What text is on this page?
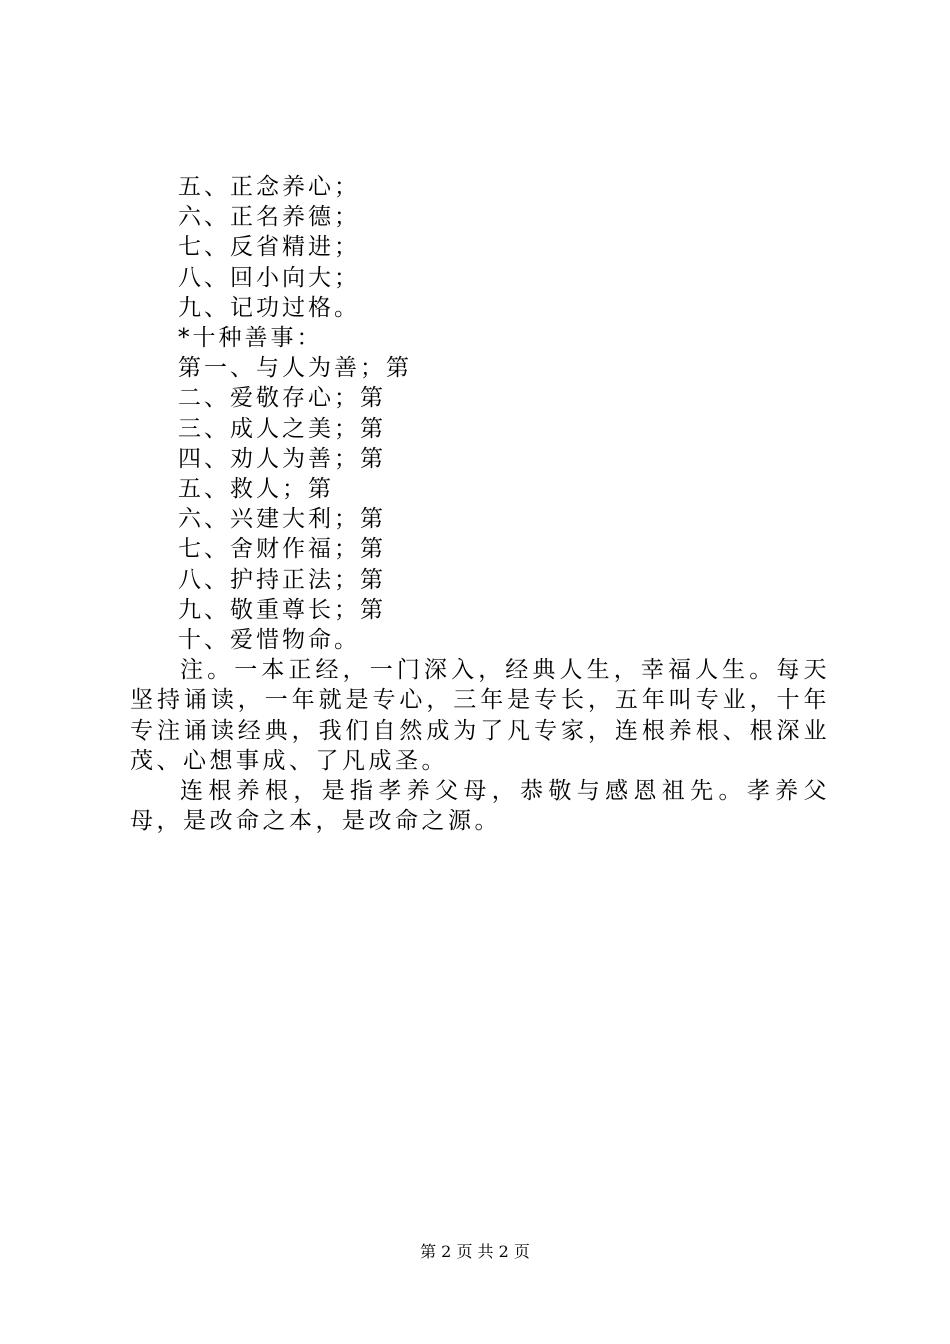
五、正念养心；
六、正名养德；
七、反省精进；
八、回小向大；
九、记功过格。
*十种善事：
第一、与人为善；第
二、爱敬存心；第
三、成人之美；第
四、劝人为善；第
五、救人；第
六、兴建大利；第
七、舍财作福；第
八、护持正法；第
九、敬重尊长；第
十、爱惜物命。

注。一本正经，一门深入，经典人生，幸福人生。每天坚持诵读，一年就是专心，三年是专长，五年叫专业，十年专注诵读经典，我们自然成为了凡专家，连根养根、根深业茂、心想事成、了凡成圣。

连根养根，是指孝养父母，恭敬与感恩祖先。孝养父母，是改命之本，是改命之源。

第 2 页 共 2 页
